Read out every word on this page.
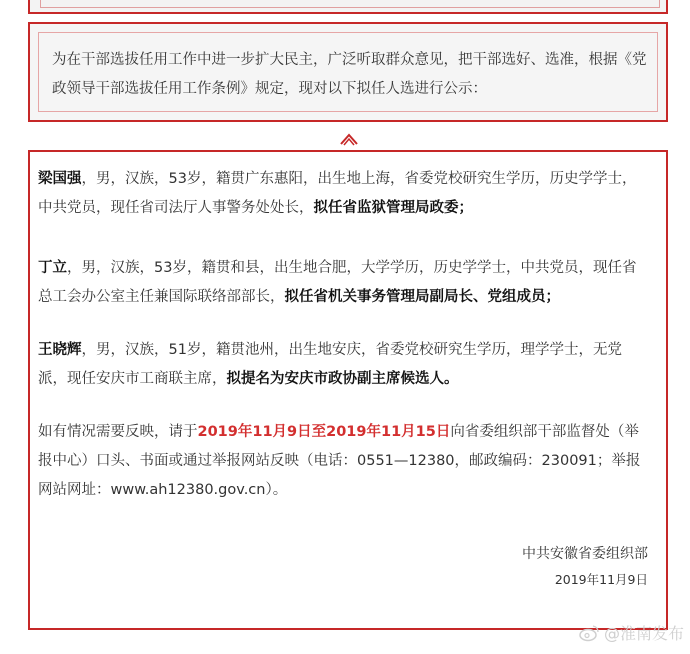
为在干部选拔任用工作中进一步扩大民主，广泛听取群众意见，把干部选好、选准，根据《党政领导干部选拔任用工作条例》规定，现对以下拟任人选进行公示：
梁国强，男，汉族，53岁，籍贯广东惠阳，出生地上海，省委党校研究生学历，历史学学士，中共党员，现任省司法厅人事警务处处长，拟任省监狱管理局政委；
丁立，男，汉族，53岁，籍贯和县，出生地合肥，大学学历，历史学学士，中共党员，现任省总工会办公室主任兼国际联络部部长，拟任省机关事务管理局副局长、党组成员；
王晓辉，男，汉族，51岁，籍贯池州，出生地安庆，省委党校研究生学历，理学学士，无党派，现任安庆市工商联主席，拟提名为安庆市政协副主席候选人。
如有情况需要反映，请于2019年11月9日至2019年11月15日向省委组织部干部监督处（举报中心）口头、书面或通过举报网站反映（电话：0551—12380，邮政编码：230091；举报网站网址：www.ah12380.gov.cn）。
中共安徽省委组织部
2019年11月9日
@淮南发布
